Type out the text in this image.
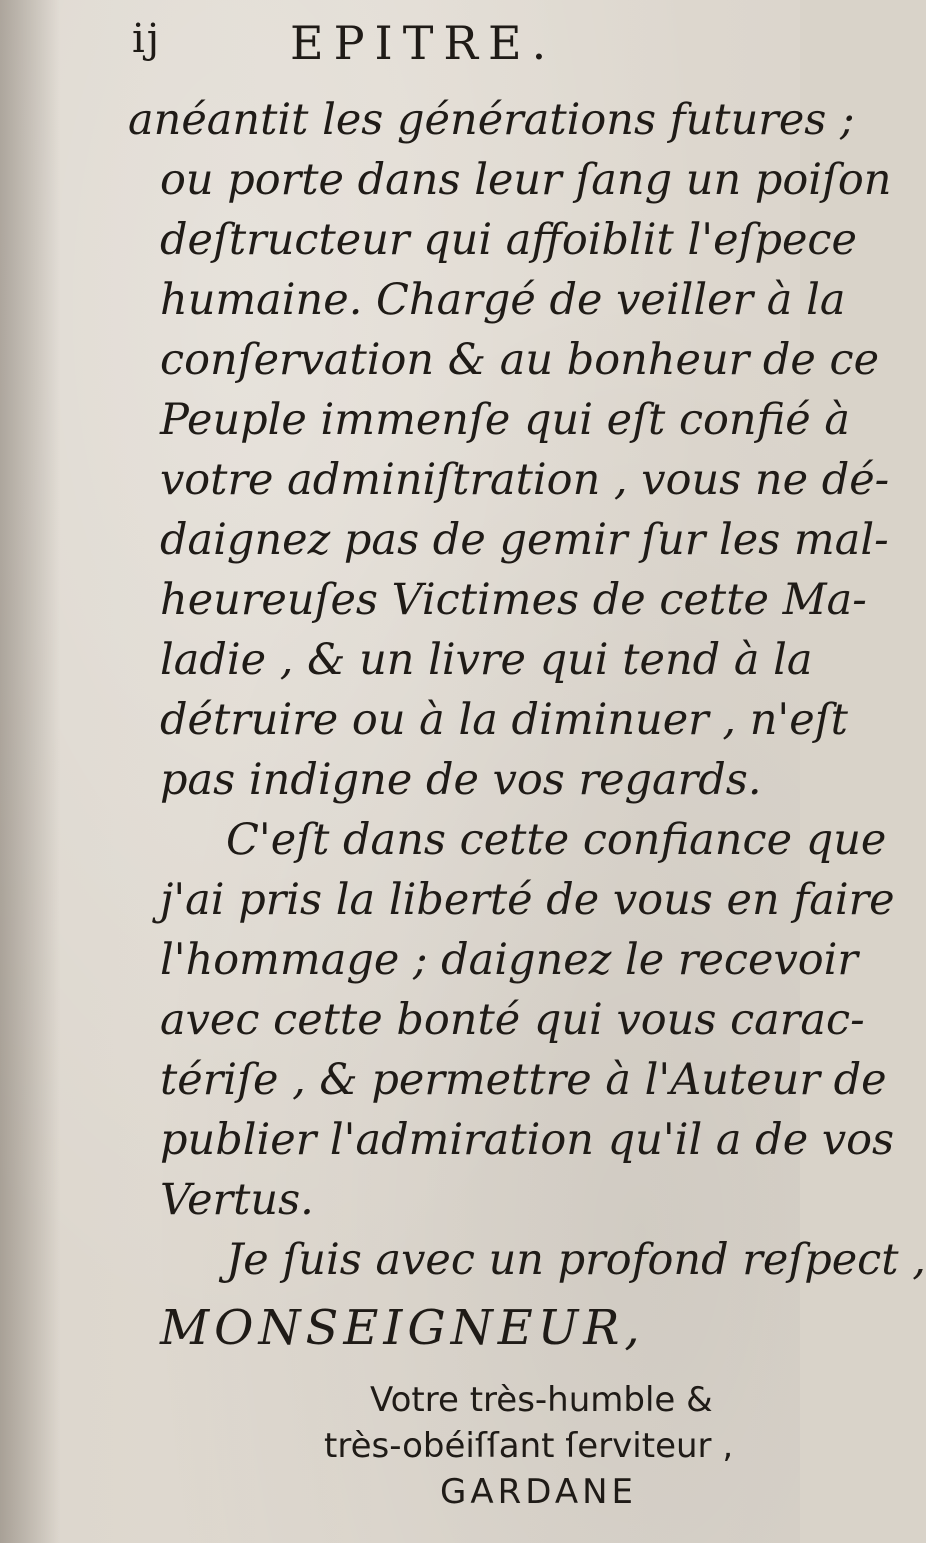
ij	EPITRE.
anéantit les générations futures ;
ou porte dans leur ſang un poiſon
deſtructeur qui affoiblit l'eſpece
humaine. Chargé de veiller à la
conſervation & au bonheur de ce
Peuple immenſe qui eſt confié à
votre adminiſtration , vous ne dé-
daignez pas de gemir ſur les mal-
heureuſes Victimes de cette Ma-
ladie , & un livre qui tend à la
détruire ou à la diminuer , n'eſt
pas indigne de vos regards.
C'eſt dans cette confiance que
j'ai pris la liberté de vous en faire
l'hommage ; daignez le recevoir
avec cette bonté qui vous carac-
tériſe , & permettre à l'Auteur de
publier l'admiration qu'il a de vos
Vertus.
Je ſuis avec un profond reſpect ,
MONSEIGNEUR,
Votre très-humble &
très-obéiſſant ſerviteur ,
GARDANE
